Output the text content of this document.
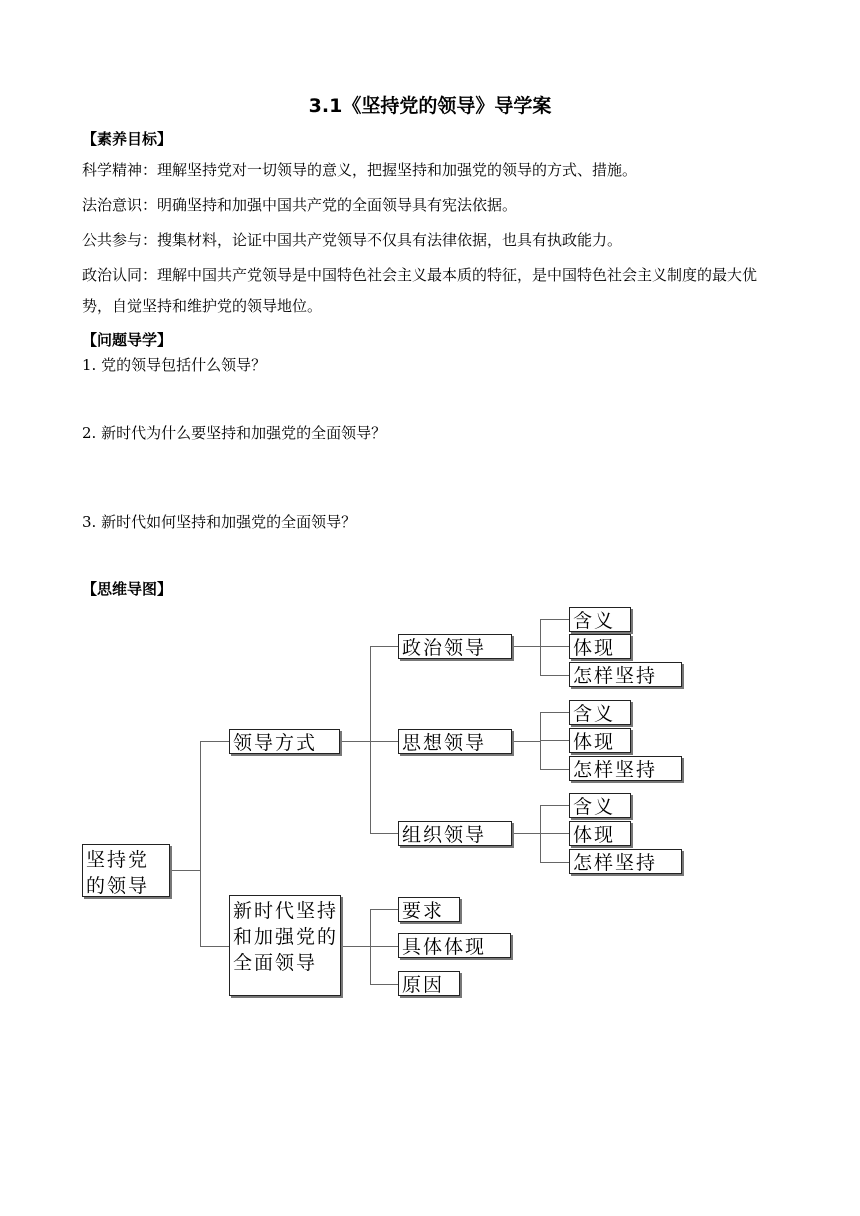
3.1《坚持党的领导》导学案
【素养目标】
科学精神：理解坚持党对一切领导的意义，把握坚持和加强党的领导的方式、措施。
法治意识：明确坚持和加强中国共产党的全面领导具有宪法依据。
公共参与：搜集材料，论证中国共产党领导不仅具有法律依据，也具有执政能力。
政治认同：理解中国共产党领导是中国特色社会主义最本质的特征，是中国特色社会主义制度的最大优势，自觉坚持和维护党的领导地位。
【问题导学】
1. 党的领导包括什么领导？
2. 新时代为什么要坚持和加强党的全面领导？
3. 新时代如何坚持和加强党的全面领导？
【思维导图】
坚持党的领导
领导方式
新时代坚持和加强党的全面领导
政治领导
思想领导
组织领导
含义
体现
怎样坚持
含义
体现
怎样坚持
含义
体现
怎样坚持
要求
具体体现
原因
